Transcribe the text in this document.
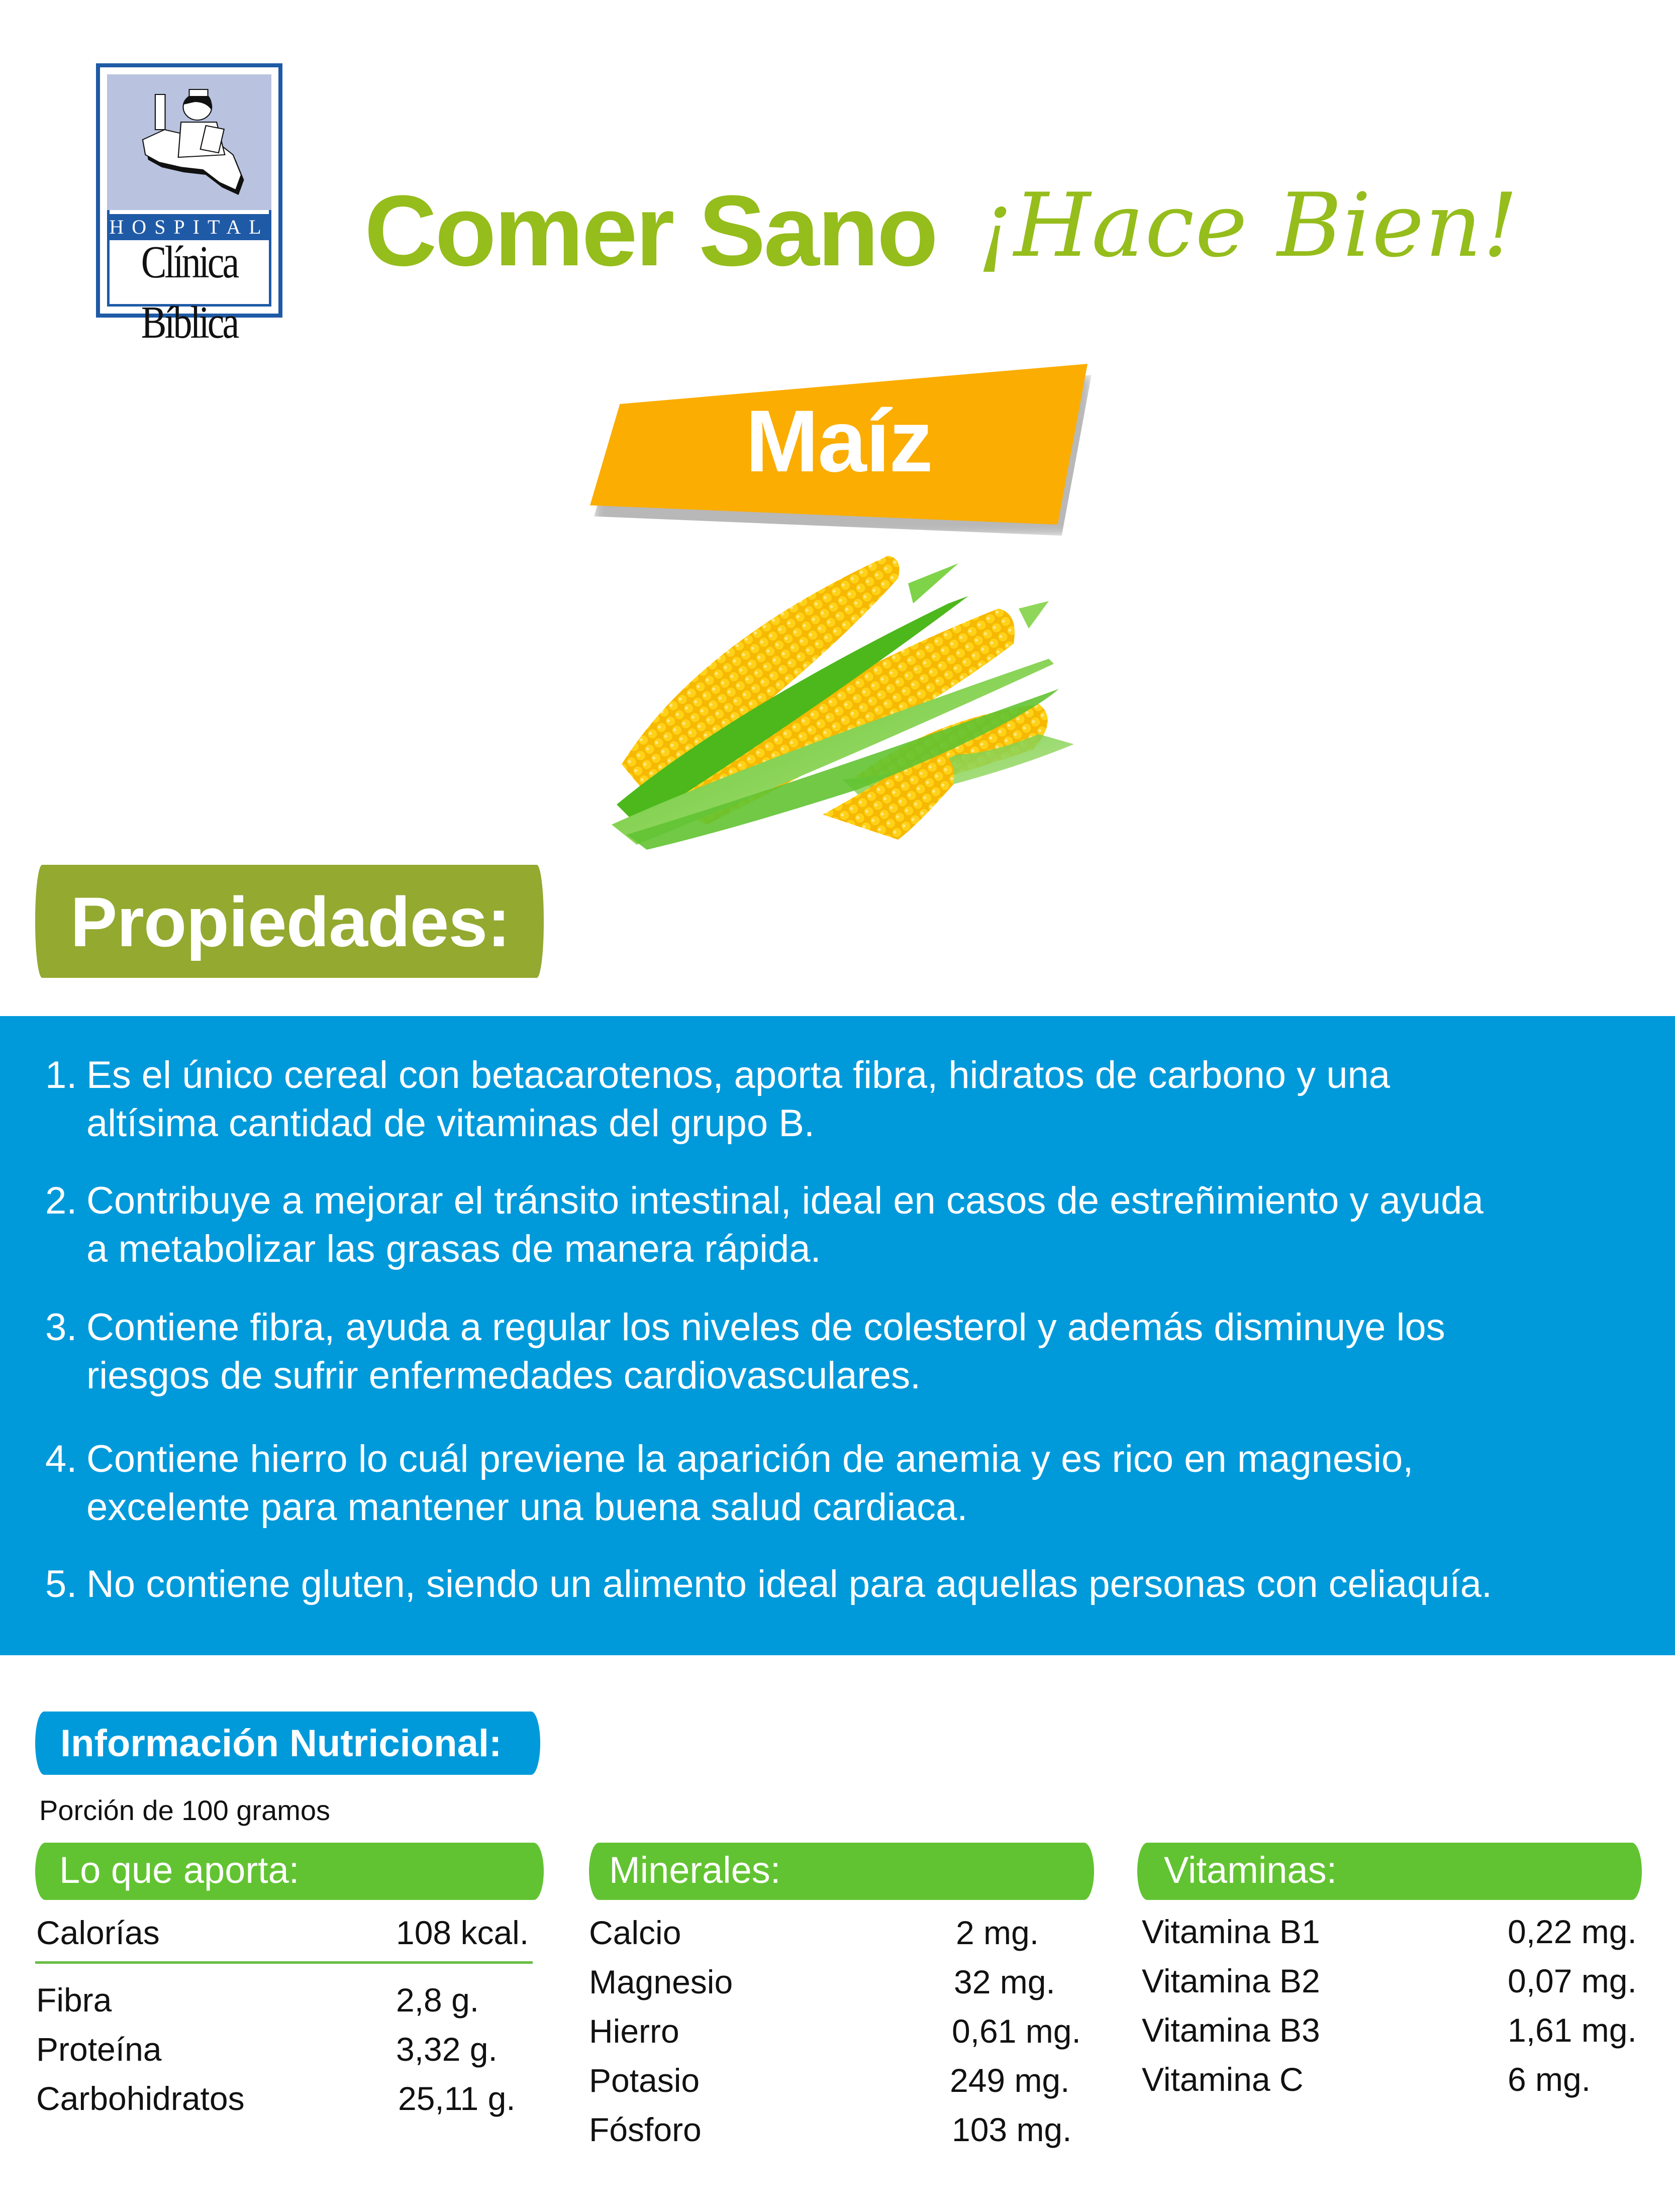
HOSPITAL
Clínica Bíblica
Comer Sano ¡Hace Bien!
Maíz
Propiedades:
1. Es el único cereal con betacarotenos, aporta fibra, hidratos de carbono y una
altísima cantidad de vitaminas del grupo B.
2. Contribuye a mejorar el tránsito intestinal, ideal en casos de estreñimiento y ayuda
a metabolizar las grasas de manera rápida.
3. Contiene fibra, ayuda a regular los niveles de colesterol y además disminuye los
riesgos de sufrir enfermedades cardiovasculares.
4. Contiene hierro lo cuál previene la aparición de anemia y es rico en magnesio,
excelente para mantener una buena salud cardiaca.
5. No contiene gluten, siendo un alimento ideal para aquellas personas con celiaquía.
Información Nutricional:
Porción de 100 gramos
Lo que aporta:
Calorías	108 kcal.
Fibra	2,8 g.
Proteína	3,32 g.
Carbohidratos	25,11 g.
Minerales:
Calcio	2 mg.
Magnesio	32 mg.
Hierro	0,61 mg.
Potasio	249 mg.
Fósforo	103 mg.
Vitaminas:
Vitamina B1	0,22 mg.
Vitamina B2	0,07 mg.
Vitamina B3	1,61 mg.
Vitamina C	6 mg.
